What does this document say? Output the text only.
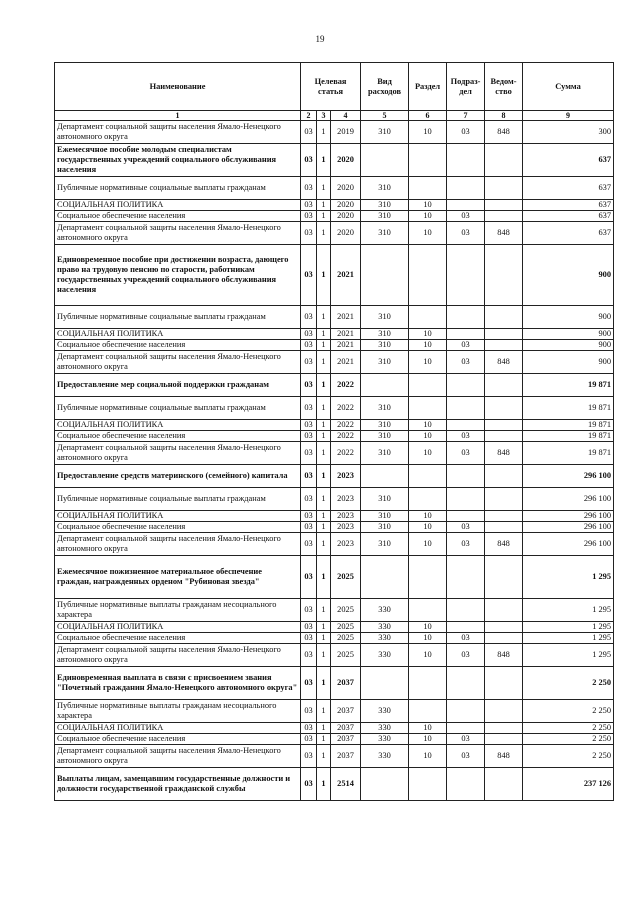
19
Наименование	Целевая статья			Вид расходов	Раздел	Подраз-дел	Ведом-ство	Сумма
1	2	3	4	5	6	7	8	9
Департамент социальной защиты населения Ямало-Ненецкого автономного округа	03	1	2019	310	10	03	848	300
Ежемесячное пособие молодым специалистам государственных учреждений социального обслуживания населения	03	1	2020					637
Публичные нормативные социальные выплаты гражданам	03	1	2020	310				637
СОЦИАЛЬНАЯ ПОЛИТИКА	03	1	2020	310	10			637
Социальное обеспечение населения	03	1	2020	310	10	03		637
Департамент социальной защиты населения Ямало-Ненецкого автономного округа	03	1	2020	310	10	03	848	637
Единовременное пособие при достижении возраста, дающего право на трудовую пенсию по старости, работникам государственных учреждений социального обслуживания населения	03	1	2021					900
Публичные нормативные социальные выплаты гражданам	03	1	2021	310				900
СОЦИАЛЬНАЯ ПОЛИТИКА	03	1	2021	310	10			900
Социальное обеспечение населения	03	1	2021	310	10	03		900
Департамент социальной защиты населения Ямало-Ненецкого автономного округа	03	1	2021	310	10	03	848	900
Предоставление мер социальной поддержки гражданам	03	1	2022					19 871
Публичные нормативные социальные выплаты гражданам	03	1	2022	310				19 871
СОЦИАЛЬНАЯ ПОЛИТИКА	03	1	2022	310	10			19 871
Социальное обеспечение населения	03	1	2022	310	10	03		19 871
Департамент социальной защиты населения Ямало-Ненецкого автономного округа	03	1	2022	310	10	03	848	19 871
Предоставление средств материнского (семейного) капитала	03	1	2023					296 100
Публичные нормативные социальные выплаты гражданам	03	1	2023	310				296 100
СОЦИАЛЬНАЯ ПОЛИТИКА	03	1	2023	310	10			296 100
Социальное обеспечение населения	03	1	2023	310	10	03		296 100
Департамент социальной защиты населения Ямало-Ненецкого автономного округа	03	1	2023	310	10	03	848	296 100
Ежемесячное пожизненное материальное обеспечение граждан, награжденных орденом "Рубиновая звезда"	03	1	2025					1 295
Публичные нормативные выплаты гражданам несоциального характера	03	1	2025	330				1 295
СОЦИАЛЬНАЯ ПОЛИТИКА	03	1	2025	330	10			1 295
Социальное обеспечение населения	03	1	2025	330	10	03		1 295
Департамент социальной защиты населения Ямало-Ненецкого автономного округа	03	1	2025	330	10	03	848	1 295
Единовременная выплата в связи с присвоением звания "Почетный гражданин Ямало-Ненецкого автономного округа"	03	1	2037					2 250
Публичные нормативные выплаты гражданам несоциального характера	03	1	2037	330				2 250
СОЦИАЛЬНАЯ ПОЛИТИКА	03	1	2037	330	10			2 250
Социальное обеспечение населения	03	1	2037	330	10	03		2 250
Департамент социальной защиты населения Ямало-Ненецкого автономного округа	03	1	2037	330	10	03	848	2 250
Выплаты лицам, замещавшим государственные должности и должности государственной гражданской службы	03	1	2514					237 126
